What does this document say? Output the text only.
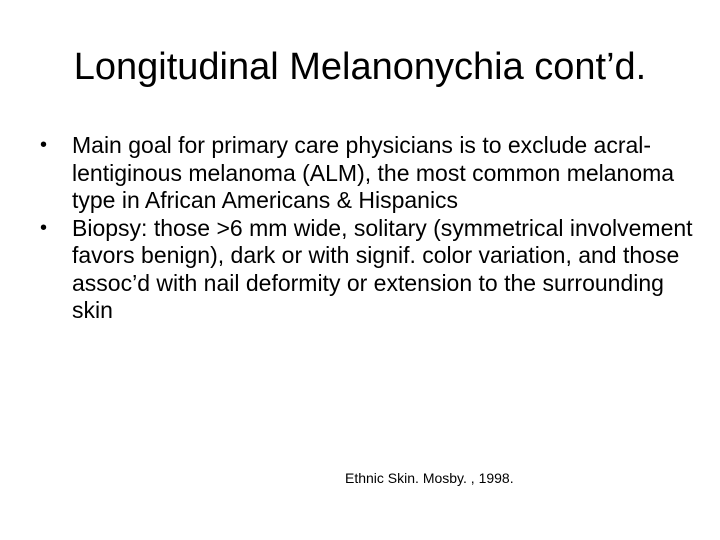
Longitudinal Melanonychia cont’d.
• Main goal for primary care physicians is to exclude acral-lentiginous melanoma (ALM), the most common melanoma type in African Americans & Hispanics
• Biopsy: those >6 mm wide, solitary (symmetrical involvement favors benign), dark or with signif. color variation, and those assoc’d with nail deformity or extension to the surrounding skin
Ethnic Skin. Mosby. , 1998.
